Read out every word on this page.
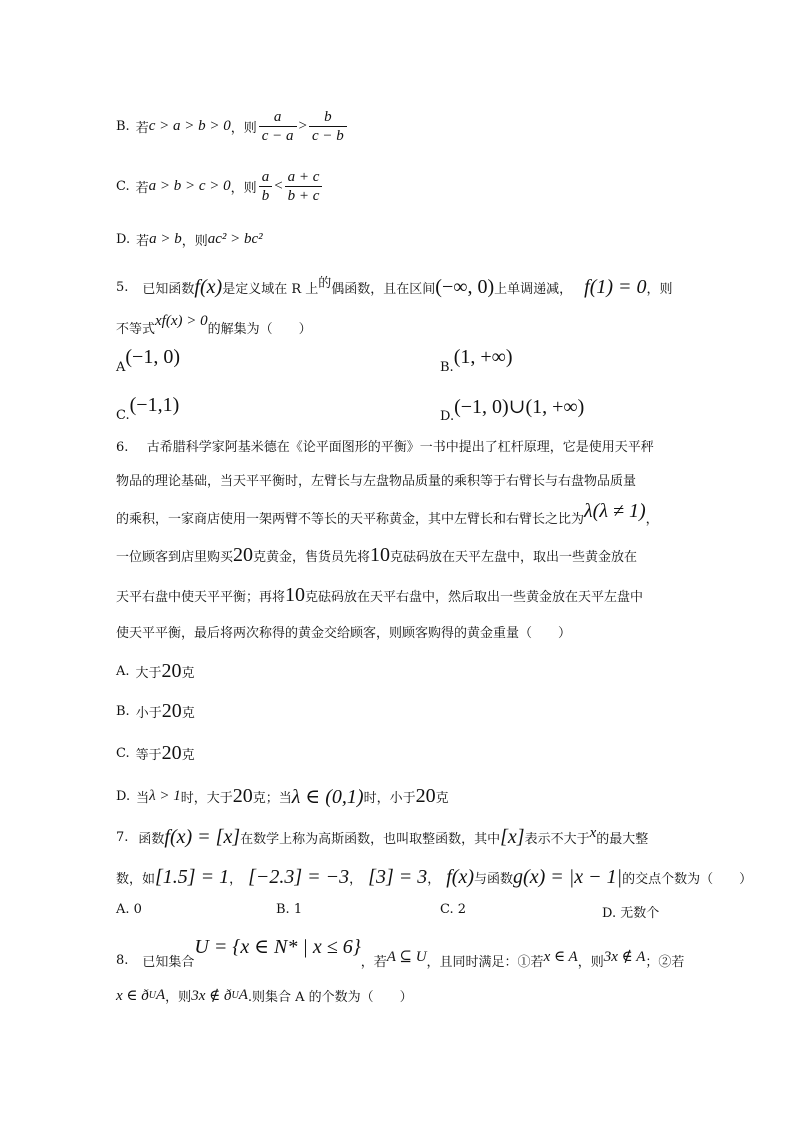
B. 若 c > a > b > 0 ，则 $\frac{a}{c - a} > \frac{b}{c - b}$
C. 若 a > b > c > 0 ，则 $\frac{a}{b} < \frac{a + c}{b + c}$
D. 若 a > b ，则 ac² > bc²
5. 已知函数 f(x) 是定义域在 R 上 的 偶函数，且在区间 (−∞, 0) 上单调递减， f(1) = 0 ，则
不等式
xf(x) > 0
的解集为（　　）
A (−1, 0)	B. (1, +∞)
C. (−1,1)
D. (−1, 0)∪(1, +∞)
6. 古希腊科学家阿基米德在《论平面图形的平衡》一书中提出了杠杆原理，它是使用天平秤
物品的理论基础，当天平平衡时，左臂长与左盘物品质量的乘积等于右臂长与右盘物品质量
的乘积，一家商店使用一架两臂不等长的天平称黄金，其中左臂长和右臂长之比为 λ(λ ≠ 1) ，
一位顾客到店里购买 20 克黄金，售货员先将 10 克砝码放在天平左盘中，取出一些黄金放在
天平右盘中使天平平衡；再将 10 克砝码放在天平右盘中，然后取出一些黄金放在天平左盘中
使天平平衡，最后将两次称得的黄金交给顾客，则顾客购得的黄金重量（　　）
A. 大于 20 克
B. 小于 20 克
C. 等于 20 克
D. 当 λ > 1 时，大于 20 克；当 λ ∈ (0,1) 时，小于 20 克
7. 函数 f(x) = [x] 在数学上称为高斯函数，也叫取整函数，其中 [x] 表示不大于 x 的最大整
数，如 [1.5] = 1 ， [−2.3] = −3 ， [3] = 3 ， f(x) 与函数 g(x) = |x − 1| 的交点个数为（　　）
A. 0	B. 1	C. 2	D. 无数个
8. 已知集合
U = {x ∈ N* | x ≤ 6}
，若 A ⊆ U ，且同时满足：①若 x ∈ A ，则 3x ∉ A ；②若
x ∈ ð U A ，则 3x ∉ ð U A .则集合 A 的个数为（　　）
